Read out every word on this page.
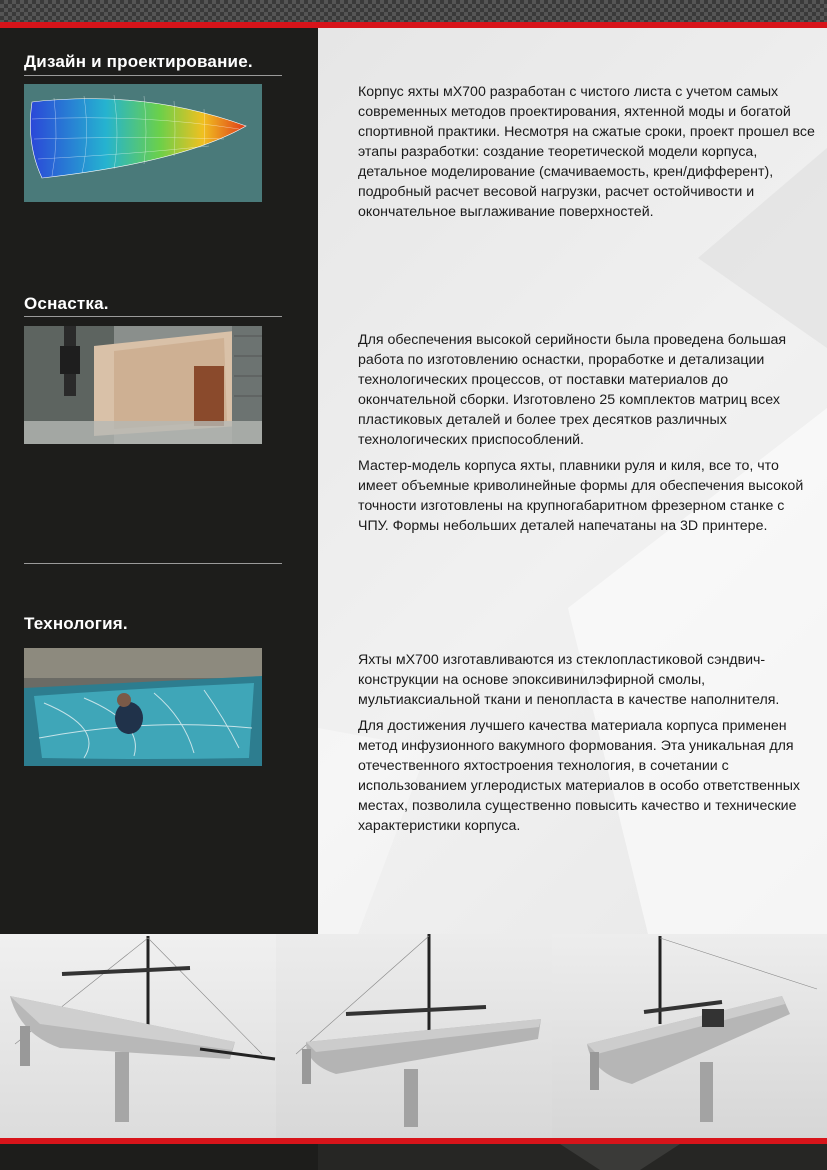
Дизайн и проектирование.

Корпус яхты мХ700 разработан с чистого листа с учетом самых современных методов проектирования, яхтенной моды и богатой спортивной практики. Несмотря на сжатые сроки, проект прошел все этапы разработки: создание теоретической модели корпуса, детальное моделирование (смачиваемость, крен/дифферент), подробный расчет весовой нагрузки, расчет остойчивости и окончательное выглаживание поверхностей.

Оснастка.

Для обеспечения высокой серийности была проведена большая работа по изготовлению оснастки, проработке и детализации технологических процессов, от поставки материалов до окончательной сборки. Изготовлено 25 комплектов матриц всех пластиковых деталей и более трех десятков различных технологических приспособлений.

Мастер-модель корпуса яхты, плавники руля и киля, все то, что имеет объемные криволинейные формы для обеспечения высокой точности изготовлены на крупногабаритном фрезерном станке с ЧПУ. Формы небольших деталей напечатаны на 3D принтере.

Технология.

Яхты мХ700 изготавливаются из стеклопластиковой сэндвич-конструкции на основе эпоксивинилэфирной смолы, мультиаксиальной ткани и пенопласта в качестве наполнителя.

Для достижения лучшего качества материала корпуса применен метод инфузионного вакумного формования. Эта уникальная для отечественного яхтостроения технология, в сочетании с использованием углеродистых материалов в особо ответственных местах, позволила существенно повысить качество и технические характеристики корпуса.
